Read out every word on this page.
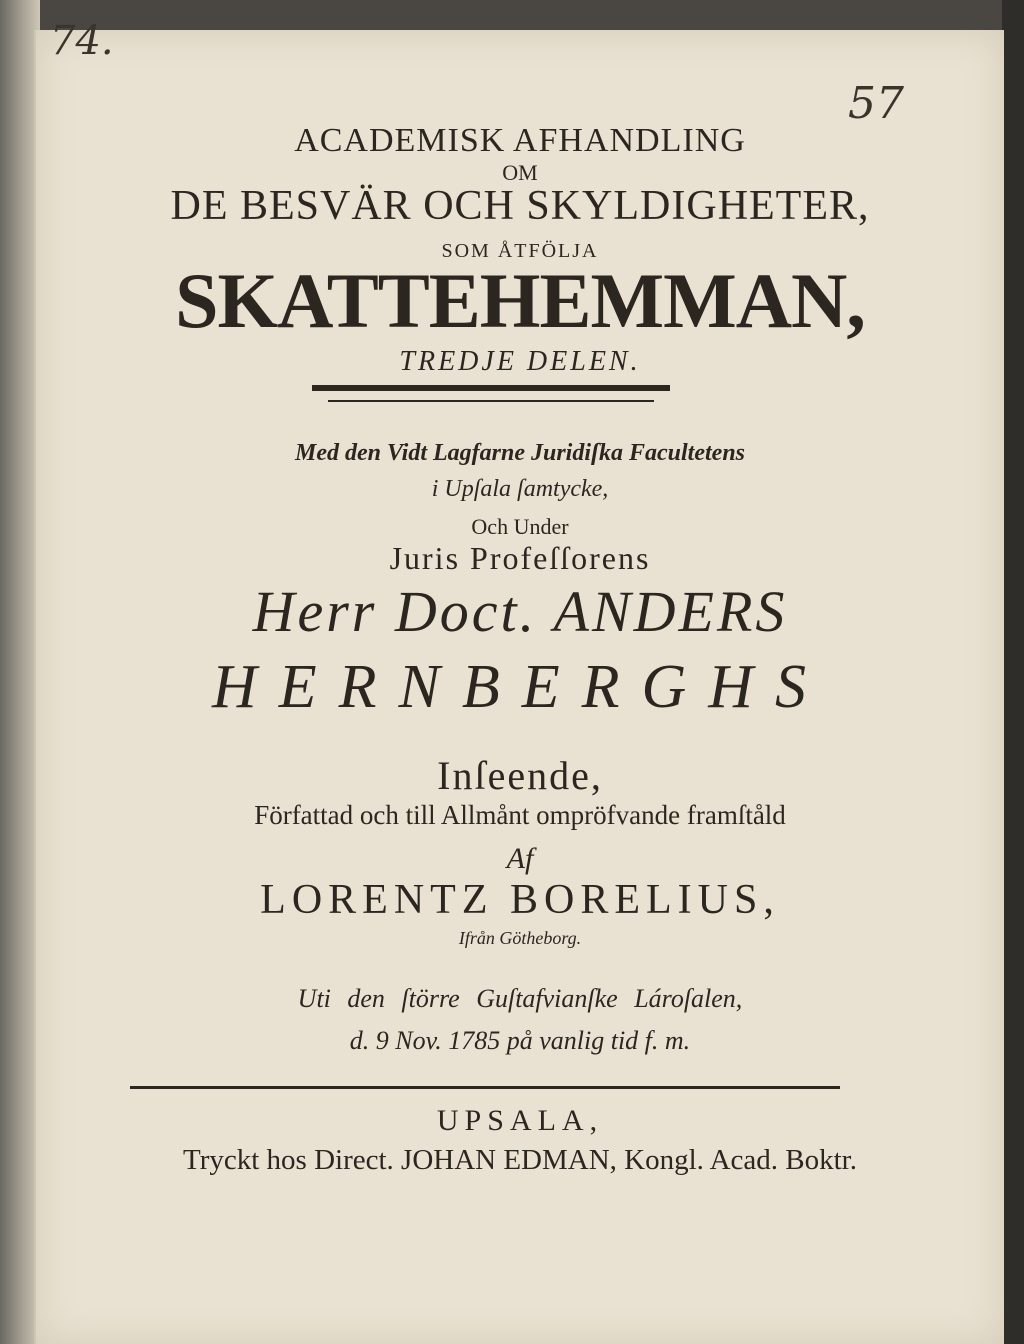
74.
57
ACADEMISK AFHANDLING
OM
DE BESVÄR OCH SKYLDIGHETER,
SOM ÅTFÖLJA
SKATTEHEMMAN,
TREDJE DELEN.
Med den Vidt Lagfarne Juridiſka Facultetens
i Upſala ſamtycke,
Och Under
Juris Profeſſorens
Herr Doct. ANDERS
HERNBERGHS
Inſeende,
Författad och till Allmånt ompröfvande framſtåld
Af
LORENTZ BORELIUS,
Ifrån Götheborg.
Uti den ſtörre Guſtafvianſke Lároſalen,
d. 9 Nov. 1785 på vanlig tid f. m.
UPSALA,
Tryckt hos Direct. JOHAN EDMAN, Kongl. Acad. Boktr.
